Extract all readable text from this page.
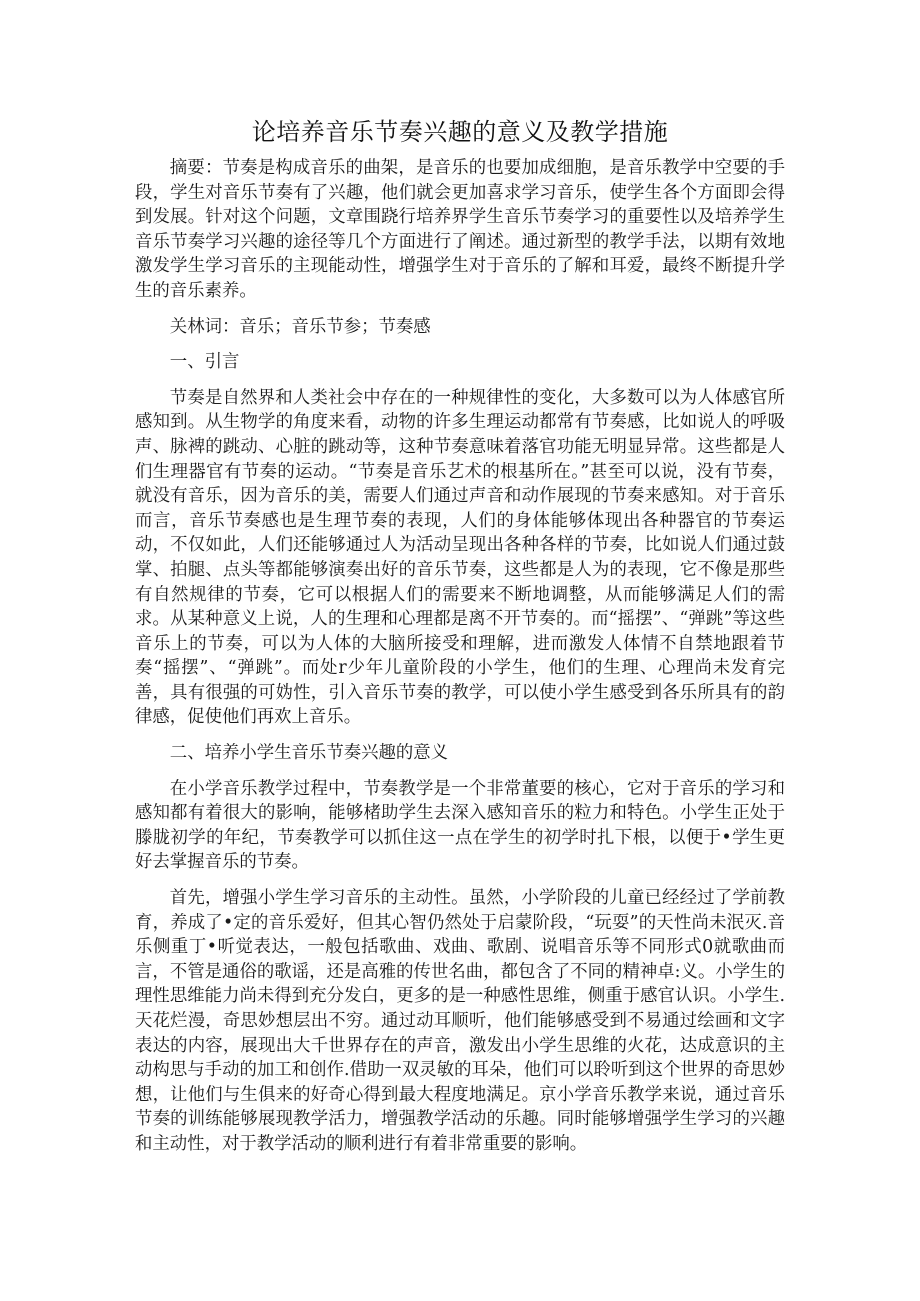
论培养音乐节奏兴趣的意义及教学措施

摘要：节奏是构成音乐的曲架，是音乐的也要加成细胞，是音乐教学中空要的手段，学生对音乐节奏有了兴趣，他们就会更加喜求学习音乐，使学生各个方面即会得到发展。针对这个问题，文章围跷行培养界学生音乐节奏学习的重要性以及培养学生音乐节奏学习兴趣的途径等几个方面进行了阐述。通过新型的教学手法，以期有效地激发学生学习音乐的主现能动性，增强学生对于音乐的了解和耳爱，最终不断提升学生的音乐素养。

关林词：音乐；音乐节参；节奏感

一、引言

节奏是自然界和人类社会中存在的一种规律性的变化，大多数可以为人体感官所感知到。从生物学的角度来看，动物的许多生理运动都常有节奏感，比如说人的呼吸声、脉裨的跳动、心脏的跳动等，这种节奏意味着落官功能无明显异常。这些都是人们生理器官有节奏的运动。“节奏是音乐艺术的根基所在。”甚至可以说，没有节奏，就没有音乐，因为音乐的美，需要人们通过声音和动作展现的节奏来感知。对于音乐而言，音乐节奏感也是生理节奏的表现，人们的身体能够体现出各种器官的节奏运动，不仅如此，人们还能够通过人为活动呈现出各种各样的节奏，比如说人们通过鼓掌、拍腿、点头等都能够演奏出好的音乐节奏，这些都是人为的表现，它不像是那些有自然规律的节奏，它可以根据人们的需要来不断地调整，从而能够满足人们的需求。从某种意义上说，人的生理和心理都是离不开节奏的。而“摇摆”、“弹跳”等这些音乐上的节奏，可以为人体的大脑所接受和理解，进而激发人体情不自禁地跟着节奏“摇摆”、“弹跳”。而处r少年儿童阶段的小学生，他们的生理、心理尚未发育完善，具有很强的可妫性，引入音乐节奏的教学，可以使小学生感受到各乐所具有的韵律感，促使他们再欢上音乐。

二、培养小学生音乐节奏兴趣的意义

在小学音乐教学过程中，节奏教学是一个非常董要的核心，它对于音乐的学习和感知都有着很大的影响，能够楮助学生去深入感知音乐的粒力和特色。小学生正处于滕胧初学的年纪，节奏教学可以抓住这一点在学生的初学时扎下根，以便于•学生更好去掌握音乐的节奏。

首先，增强小学生学习音乐的主动性。虽然，小学阶段的儿童已经经过了学前教育，养成了•定的音乐爱好，但其心智仍然处于启蒙阶段，“玩耍”的天性尚未泯灭.音乐侧重丁•听觉表达，一般包括歌曲、戏曲、歌剧、说唱音乐等不同形式0就歌曲而言，不管是通俗的歌谣，还是高雅的传世名曲，都包含了不同的精神卓:义。小学生的理性思维能力尚未得到充分发白，更多的是一种感性思维，侧重于感官认识。小学生.天花烂漫，奇思妙想层出不穷。通过动耳顺听，他们能够感受到不易通过绘画和文字表达的内容，展现出大千世界存在的声音，激发出小学生思维的火花，达成意识的主动构思与手动的加工和创作.借助一双灵敏的耳朵，他们可以聆听到这个世界的奇思妙想，让他们与生俱来的好奇心得到最大程度地满足。京小学音乐教学来说，通过音乐节奏的训练能够展现教学活力，增强教学活动的乐趣。同时能够增强学生学习的兴趣和主动性，对于教学活动的顺利进行有着非常重要的影响。
